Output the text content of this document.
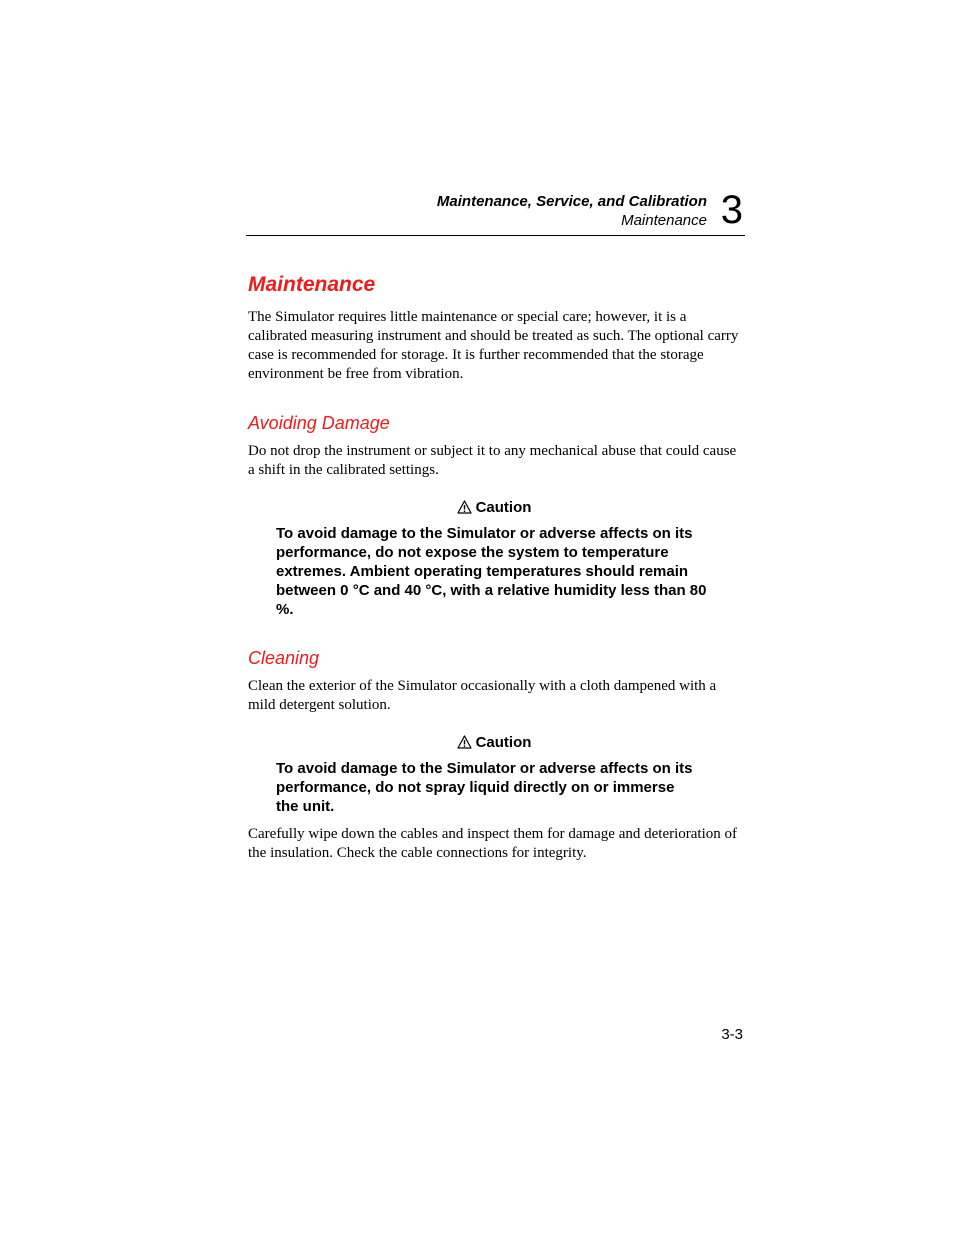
Maintenance, Service, and Calibration
Maintenance 3
Maintenance

The Simulator requires little maintenance or special care; however, it is a calibrated measuring instrument and should be treated as such. The optional carry case is recommended for storage. It is further recommended that the storage environment be free from vibration.

Avoiding Damage

Do not drop the instrument or subject it to any mechanical abuse that could cause a shift in the calibrated settings.

Caution

To avoid damage to the Simulator or adverse affects on its performance, do not expose the system to temperature extremes. Ambient operating temperatures should remain between 0 °C and 40 °C, with a relative humidity less than 80 %.

Cleaning

Clean the exterior of the Simulator occasionally with a cloth dampened with a mild detergent solution.

Caution

To avoid damage to the Simulator or adverse affects on its performance, do not spray liquid directly on or immerse the unit.

Carefully wipe down the cables and inspect them for damage and deterioration of the insulation. Check the cable connections for integrity.

3-3
